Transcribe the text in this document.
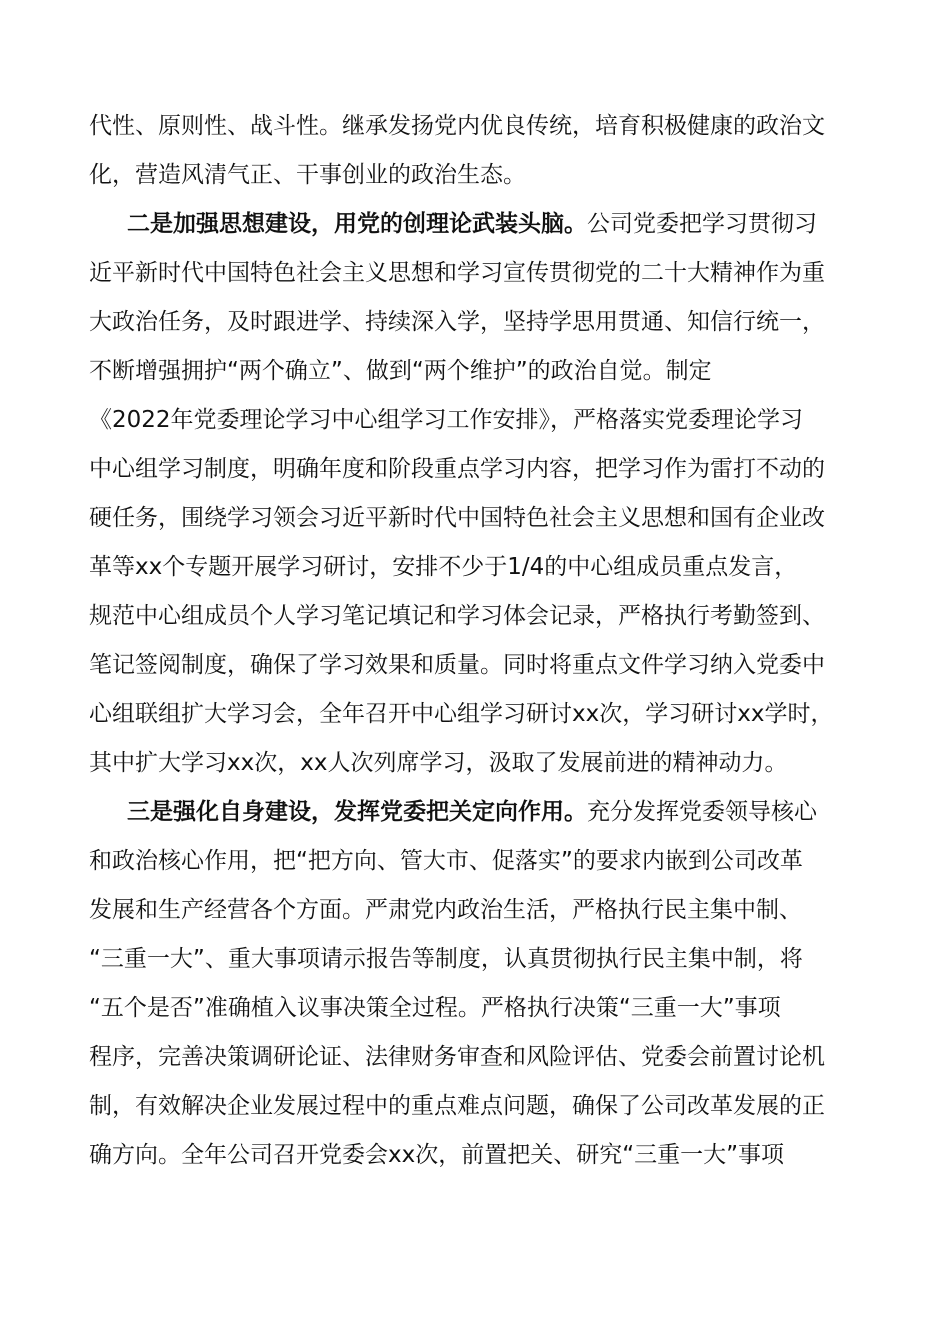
代性、原则性、战斗性。继承发扬党内优良传统，培育积极健康的政治文
化，营造风清气正、干事创业的政治生态。
二是加强思想建设，用党的创理论武装头脑。公司党委把学习贯彻习
近平新时代中国特色社会主义思想和学习宣传贯彻党的二十大精神作为重
大政治任务，及时跟进学、持续深入学，坚持学思用贯通、知信行统一，
不断增强拥护“两个确立”、做到“两个维护”的政治自觉。制定
《2022年党委理论学习中心组学习工作安排》，严格落实党委理论学习
中心组学习制度，明确年度和阶段重点学习内容，把学习作为雷打不动的
硬任务，围绕学习领会习近平新时代中国特色社会主义思想和国有企业改
革等xx个专题开展学习研讨，安排不少于1/4的中心组成员重点发言，
规范中心组成员个人学习笔记填记和学习体会记录，严格执行考勤签到、
笔记签阅制度，确保了学习效果和质量。同时将重点文件学习纳入党委中
心组联组扩大学习会，全年召开中心组学习研讨xx次，学习研讨xx学时，
其中扩大学习xx次，xx人次列席学习，汲取了发展前进的精神动力。
三是强化自身建设，发挥党委把关定向作用。充分发挥党委领导核心
和政治核心作用，把“把方向、管大市、促落实”的要求内嵌到公司改革
发展和生产经营各个方面。严肃党内政治生活，严格执行民主集中制、
“三重一大”、重大事项请示报告等制度，认真贯彻执行民主集中制，将
“五个是否”准确植入议事决策全过程。严格执行决策“三重一大”事项
程序，完善决策调研论证、法律财务审查和风险评估、党委会前置讨论机
制，有效解决企业发展过程中的重点难点问题，确保了公司改革发展的正
确方向。全年公司召开党委会xx次，前置把关、研究“三重一大”事项
